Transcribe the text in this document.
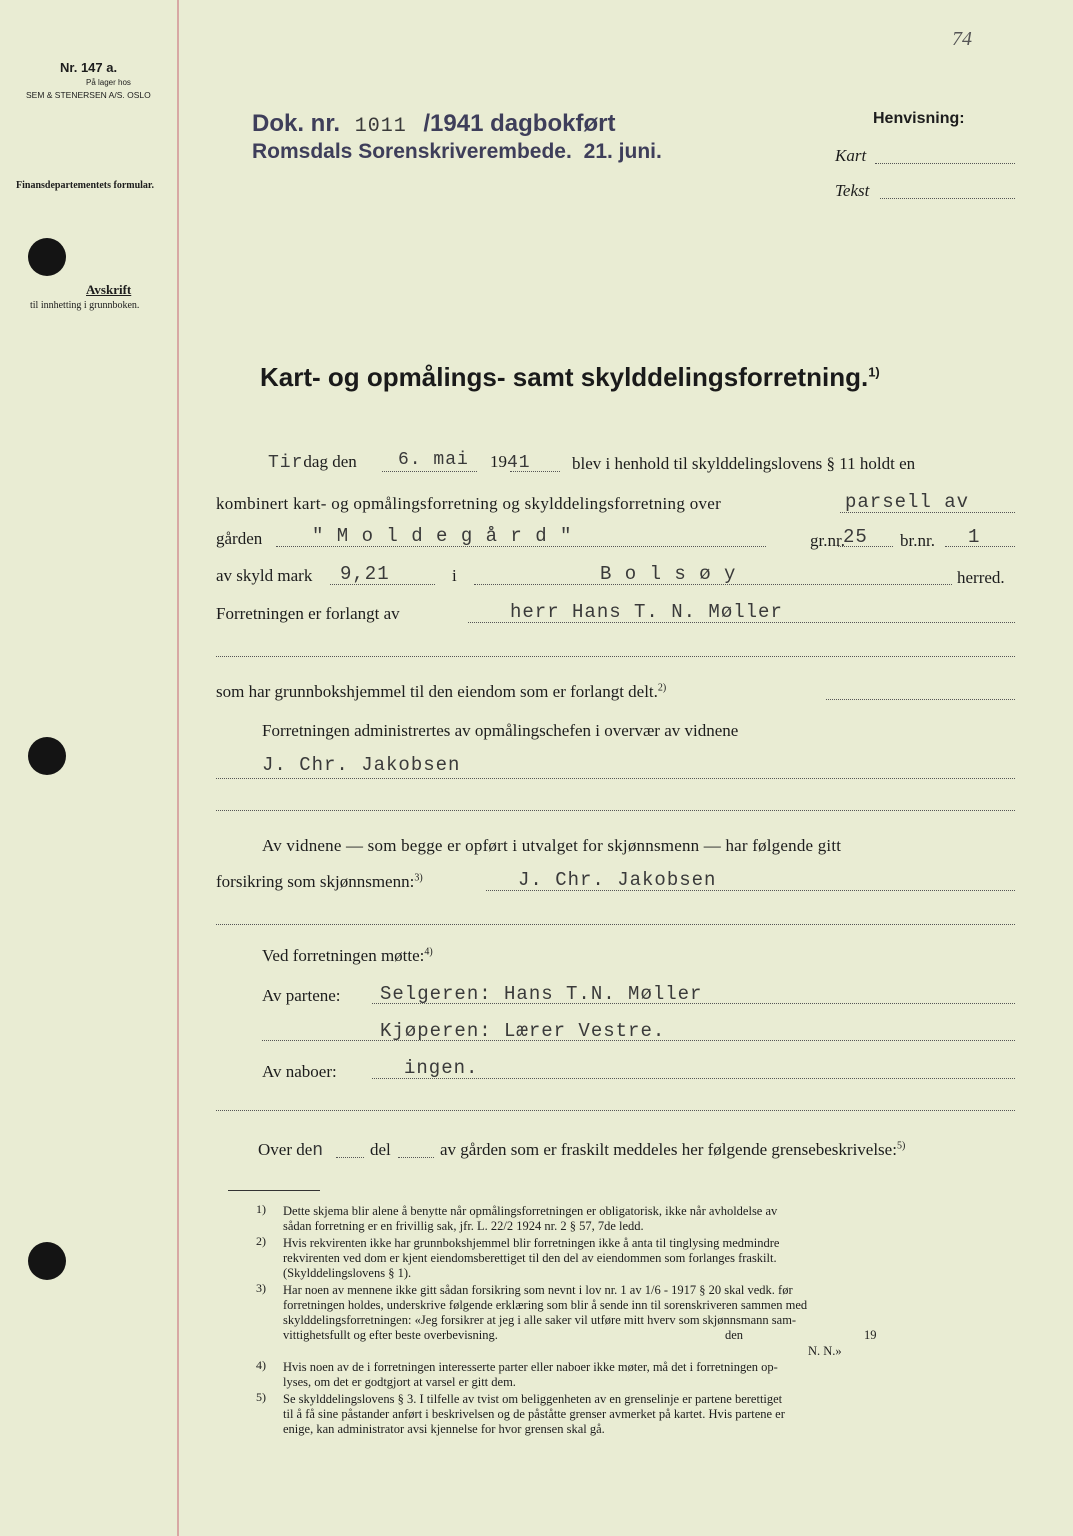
74
Nr. 147 a.
På lager hos
SEM & STENERSEN A/S. OSLO
Finansdepartementets formular.
Avskrift
til innhetting i grunnboken.
Dok. nr. 1011 /1941 dagbokført
Romsdals Sorenskriverembede. 21. juni.
Henvisning:
Kart
Tekst
Kart- og opmålings- samt skylddelingsforretning.$^{1)}$
Tirdag den 6. mai 1941 blev i henhold til skylddelingslovens § 11 holdt en
kombinert kart- og opmålingsforretning og skylddelingsforretning over	parsell av
gården	" M o l d e g å r d "	gr.nr.
25 br.nr. 1
av skyld mark 9,21	i	B o l s ø y	herred.
Forretningen er forlangt av	herr Hans T. N. Møller
som har grunnbokshjemmel til den eiendom som er forlangt delt.$^{2)}$
Forretningen administrertes av opmålingschefen i overvær av vidnene
J. Chr. Jakobsen
Av vidnene — som begge er opført i utvalget for skjønnsmenn — har følgende gitt
forsikring som skjønnsmenn:$^{3)}$	J. Chr. Jakobsen
Ved forretningen møtte:$^{4)}$
Av partene: Selgeren: Hans T.N. Møller
Kjøperen: Lærer Vestre.
Av naboer:	ingen.
Over den	del	av gården som er fraskilt meddeles her følgende grensebeskrivelse:$^{5)}$
1) Dette skjema blir alene å benytte når opmålingsforretningen er obligatorisk, ikke når avholdelse av
sådan forretning er en frivillig sak, jfr. L. 22/2 1924 nr. 2 § 57, 7de ledd.
2) Hvis rekvirenten ikke har grunnbokshjemmel blir forretningen ikke å anta til tinglysing medmindre
rekvirenten ved dom er kjent eiendomsberettiget til den del av eiendommen som forlanges fraskilt.
(Skylddelingslovens § 1).
3) Har noen av mennene ikke gitt sådan forsikring som nevnt i lov nr. 1 av 1/6 - 1917 § 20 skal vedk. før
forretningen holdes, underskrive følgende erklæring som blir å sende inn til sorenskriveren sammen med
skylddelingsforretningen: «Jeg forsikrer at jeg i alle saker vil utføre mitt hverv som skjønnsmann sam-
vittighetsfullt og efter beste overbevisning.	den	19
N. N.»
4) Hvis noen av de i forretningen interesserte parter eller naboer ikke møter, må det i forretningen op-
lyses, om det er godtgjort at varsel er gitt dem.
5) Se skylddelingslovens § 3. I tilfelle av tvist om beliggenheten av en grenselinje er partene berettiget
til å få sine påstander anført i beskrivelsen og de påståtte grenser avmerket på kartet. Hvis partene er
enige, kan administrator avsi kjennelse for hvor grensen skal gå.
